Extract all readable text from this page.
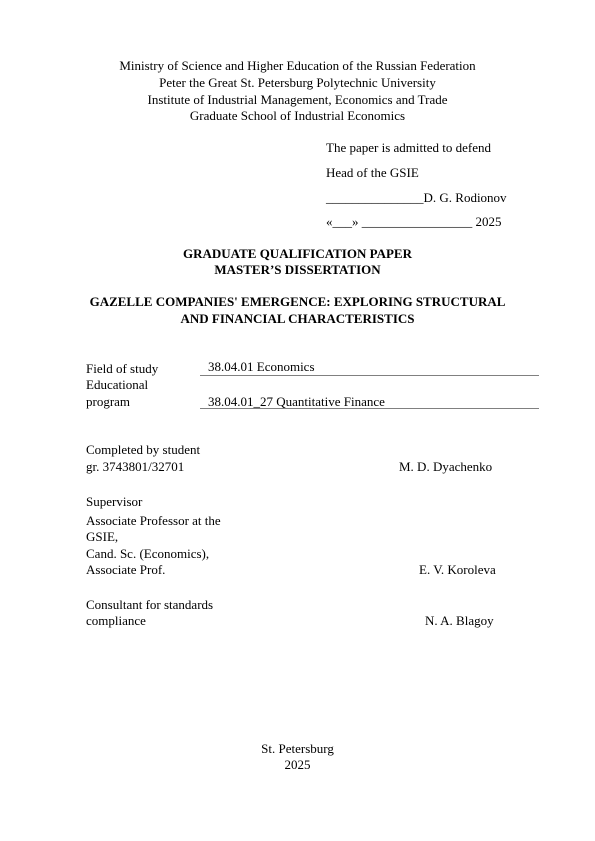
Ministry of Science and Higher Education of the Russian Federation
Peter the Great St. Petersburg Polytechnic University
Institute of Industrial Management, Economics and Trade
Graduate School of Industrial Economics
The paper is admitted to defend
Head of the GSIE
_______________D. G. Rodionov
«___» _________________ 2025
GRADUATE QUALIFICATION PAPER
MASTER’S DISSERTATION
GAZELLE COMPANIES' EMERGENCE: EXPLORING STRUCTURAL
AND FINANCIAL CHARACTERISTICS
Field of study	38.04.01 Economics
Educational
program	38.04.01_27 Quantitative Finance
Completed by student
gr. 3743801/32701	M. D. Dyachenko
Supervisor
Associate Professor at the
GSIE,
Cand. Sc. (Economics),
Associate Prof.	E. V. Koroleva
Consultant for standards
compliance	N. A. Blagoy
St. Petersburg
2025
